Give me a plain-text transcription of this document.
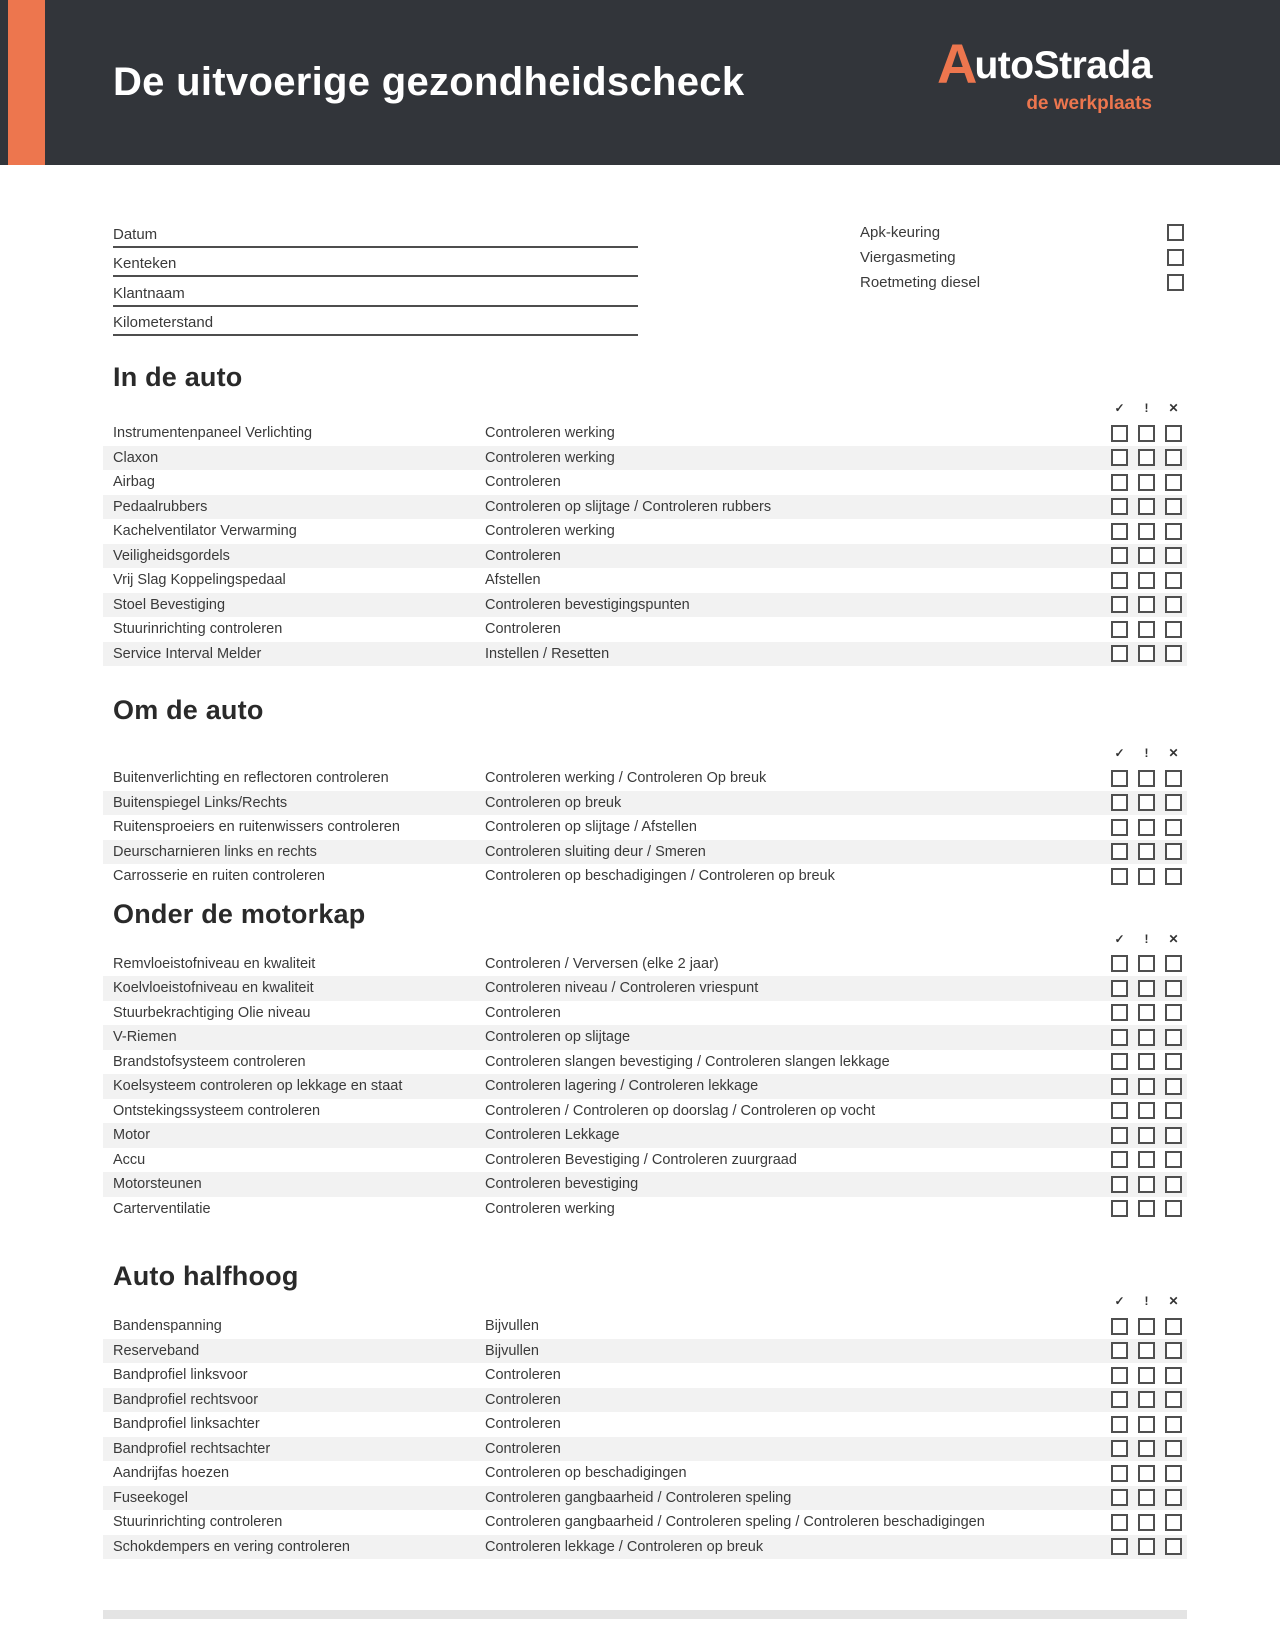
De uitvoerige gezondheidscheck	AutoStrada
de werkplaats
Datum
Kenteken
Klantnaam
Kilometerstand
Apk-keuring
Viergasmeting
Roetmeting diesel
In de auto
✓	!	✕
Instrumentenpaneel Verlichting	Controleren werking
Claxon	Controleren werking
Airbag	Controleren
Pedaalrubbers	Controleren op slijtage / Controleren rubbers
Kachelventilator Verwarming	Controleren werking
Veiligheidsgordels	Controleren
Vrij Slag Koppelingspedaal	Afstellen
Stoel Bevestiging	Controleren bevestigingspunten
Stuurinrichting controleren	Controleren
Service Interval Melder	Instellen / Resetten
Om de auto
✓	!	✕
Buitenverlichting en reflectoren controleren	Controleren werking / Controleren Op breuk
Buitenspiegel Links/Rechts	Controleren op breuk
Ruitensproeiers en ruitenwissers controleren	Controleren op slijtage / Afstellen
Deurscharnieren links en rechts	Controleren sluiting deur / Smeren
Carrosserie en ruiten controleren	Controleren op beschadigingen / Controleren op breuk
Onder de motorkap
✓	!	✕
Remvloeistofniveau en kwaliteit	Controleren / Verversen (elke 2 jaar)
Koelvloeistofniveau en kwaliteit	Controleren niveau / Controleren vriespunt
Stuurbekrachtiging Olie niveau	Controleren
V-Riemen	Controleren op slijtage
Brandstofsysteem controleren	Controleren slangen bevestiging / Controleren slangen lekkage
Koelsysteem controleren op lekkage en staat	Controleren lagering / Controleren lekkage
Ontstekingssysteem controleren	Controleren / Controleren op doorslag / Controleren op vocht
Motor	Controleren Lekkage
Accu	Controleren Bevestiging / Controleren zuurgraad
Motorsteunen	Controleren bevestiging
Carterventilatie	Controleren werking
Auto halfhoog
✓	!	✕
Bandenspanning	Bijvullen
Reserveband	Bijvullen
Bandprofiel linksvoor	Controleren
Bandprofiel rechtsvoor	Controleren
Bandprofiel linksachter	Controleren
Bandprofiel rechtsachter	Controleren
Aandrijfas hoezen	Controleren op beschadigingen
Fuseekogel	Controleren gangbaarheid / Controleren speling
Stuurinrichting controleren	Controleren gangbaarheid / Controleren speling / Controleren beschadigingen
Schokdempers en vering controleren	Controleren lekkage / Controleren op breuk
